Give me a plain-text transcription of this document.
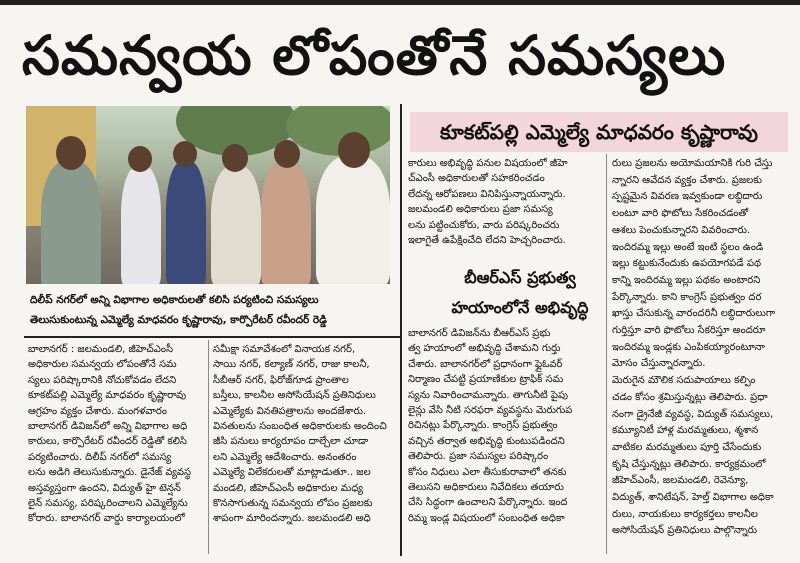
సమన్వయ లోపంతోనే సమస్యలు
దిలీప్‌ నగర్‌లో అన్ని విభాగాల అధికారులతో కలిసి పర్యటించి సమస్యలు
తెలుసుకుంటున్న ఎమ్మెల్యే మాధవరం కృష్ణారావు, కార్పొరేటర్‌ రవీందర్‌ రెడ్డి
కూకట్‌పల్లి ఎమ్మెల్యే మాధవరం కృష్ణారావు
బీఆర్ఎస్‌ ప్రభుత్వ
హయాంలోనే అభివృద్ధి

బాలానగర్‌ : జలమండలి, జీహెచ్‌ఎంసీ

అధికారుల సమన్వయ లోపంతోనే సమ

స్యలు పరిష్కారానికి నోచుకోవడం లేదని

కూకట్‌పల్లి ఎమ్మెల్యే మాధవరం కృష్ణారావు

ఆగ్రహం వ్యక్తం చేశారు. మంగళవారం

బాలానగర్‌ డివిజన్‌లో అన్ని విభాగాల అధి

కారులు, కార్పొరేటర్‌ రవీందర్‌ రెడ్డితో కలిసి

పర్యటించారు. దిలీప్‌ నగర్‌లో సమస్య

లను అడిగి తెలుసుకున్నారు. డైనేజ్‌ వ్యవస్థ

అస్తవ్యస్తంగా ఉందని, విద్యుత్‌ హై టెన్షన్‌

లైన్‌ సమస్య, పరిష్కరించాలని ఎమ్మెల్యేను

కోరారు. బాలానగర్‌ వార్డు కార్యాలయంలో

సమీక్షా సమావేశంలో వినాయక నగర్‌,

సాయి నగర్‌, కల్యాణ్‌ నగర్‌, రాజు కాలనీ,

సీబీఆర్‌ నగర్‌, ఫిరోజ్‌గూడ ప్రాంతాల

బస్తీలు, కాలనీల అసోసియేషన్‌ ప్రతినిధులు

ఎమ్మెల్యేకు వినతిపత్రాలను అందజేశారు.

వినతులను సంబంధిత అధికారులకు అందించి

జీసి పనులు కార్యరూపం దాల్చేలా చూడా

లని ఎమ్మెల్యే ఆదేశించారు. అనంతరం

ఎమ్మెల్యే విలేకరులతో మాట్లాడుతూ.. జల

మండలి, జీహెచ్‌ఎంసీ అధికారుల మధ్య

కొనసాగుతున్న సమన్వయ లోపం ప్రజలకు

శాపంగా మారిందన్నారు. జలమండలి అధి

కారులు అభివృద్ధి పనుల విషయంలో జీహె

చ్‌ఎంసీ అధికారులతో సహకరించడం

లేదన్న ఆరోపణలు వినిపిస్తున్నాయన్నారు.

జలమండలి అధికారులు ప్రజా సమస్య

లను పట్టించుకోరు, వారు పరిష్కరించరు

ఇలాగైతే ఉపేక్షించేది లేదని హెచ్చరించారు.

బాలానగర్‌ డివిజన్‌ను బీఆర్ఎస్‌ ప్రభు

త్వ హయాంలో అభివృద్ధి చేశామని గుర్తు

చేశారు. బాలానగర్‌లో ప్రధానంగా ఫ్లైఓవర్‌

నిర్మాణం చేపట్టి ప్రయాణికుల ట్రాఫిక్‌ సమ

స్యను నివారించామన్నారు. తాగునీటి పైపు

లైన్లు వేసి నీటి సరఫరా వ్యవస్థను మెరుగుప

రిచినట్లు పేర్కొన్నారు. కాంగ్రెస్‌ ప్రభుత్వం

వచ్చిన తర్వాత అభివృద్ధి కుంటుపడిందని

తెలిపారు. ప్రజా సమస్యల పరిష్కారం

కోసం నిధులు ఎలా తీసుకురావాలో తనకు

తెలుసని అధికారులు నివేదికలు తయారు

చేసి సిద్ధంగా ఉంచాలని పేర్కొన్నారు. ఇంద

రిమ్మ ఇండ్ల విషయంలో సంబంధిత అధికా

రులు ప్రజలను అయోమయానికి గురి చేస్తు

న్నారని ఆవేదన వ్యక్తం చేశారు. ప్రజలకు

స్పష్టమైన వివరణ ఇవ్వకుండా లబ్ధిదారు

లంటూ వారి ఫొటోలు సేకరించడంతో

ఆశలు పెంచుకున్నారని వివరించారు.

ఇందిరమ్మ ఇల్లు అంటే ఇంటి స్థలం ఉండి

ఇల్లు కట్టుకునేందుకు ఉపయోగపడే పథ

కాన్ని ఇందిరమ్మ ఇల్లు పథకం అంటారని

పేర్కొన్నారు. కాని కాంగ్రెస్‌ ప్రభుత్వం దర

ఖాస్తు చేసుకున్న వారందరినీ లబ్ధిదారులుగా

గుర్తిస్తూ వారి ఫొటోలు సేకరిస్తూ అందరూ

ఇందిరమ్మ ఇండ్లకు ఎంపికయ్యారంటూనా

మోసం చేస్తున్నారన్నారు.

మెరుగైన మౌలిక సదుపాయాలు కల్పిం

చడం కోసం శ్రమిస్తున్నట్లు తెలిపారు. ప్రధా

నంగా డ్రైనేజీ వ్యవస్థ, విద్యుత్‌ సమస్యలు,

కమ్యూనిటీ హాళ్ల మరమ్మతులు, శ్మశాన

వాటికల మరమ్మతులు పూర్తి చేసేందుకు

కృషి చేస్తున్నట్లు తెలిపారు. కార్యక్రమంలో

జీహెచ్‌ఎంసీ, జలమండలి, రెవెన్యూ,

విద్యుత్‌, శానిటేషన్‌, హెల్త్‌ విభాగాల అధికా

రులు, నాయకులు కార్యకర్తలు కాలనీల

అసోసియేషన్‌ ప్రతినిధులు పాల్గొన్నారు
